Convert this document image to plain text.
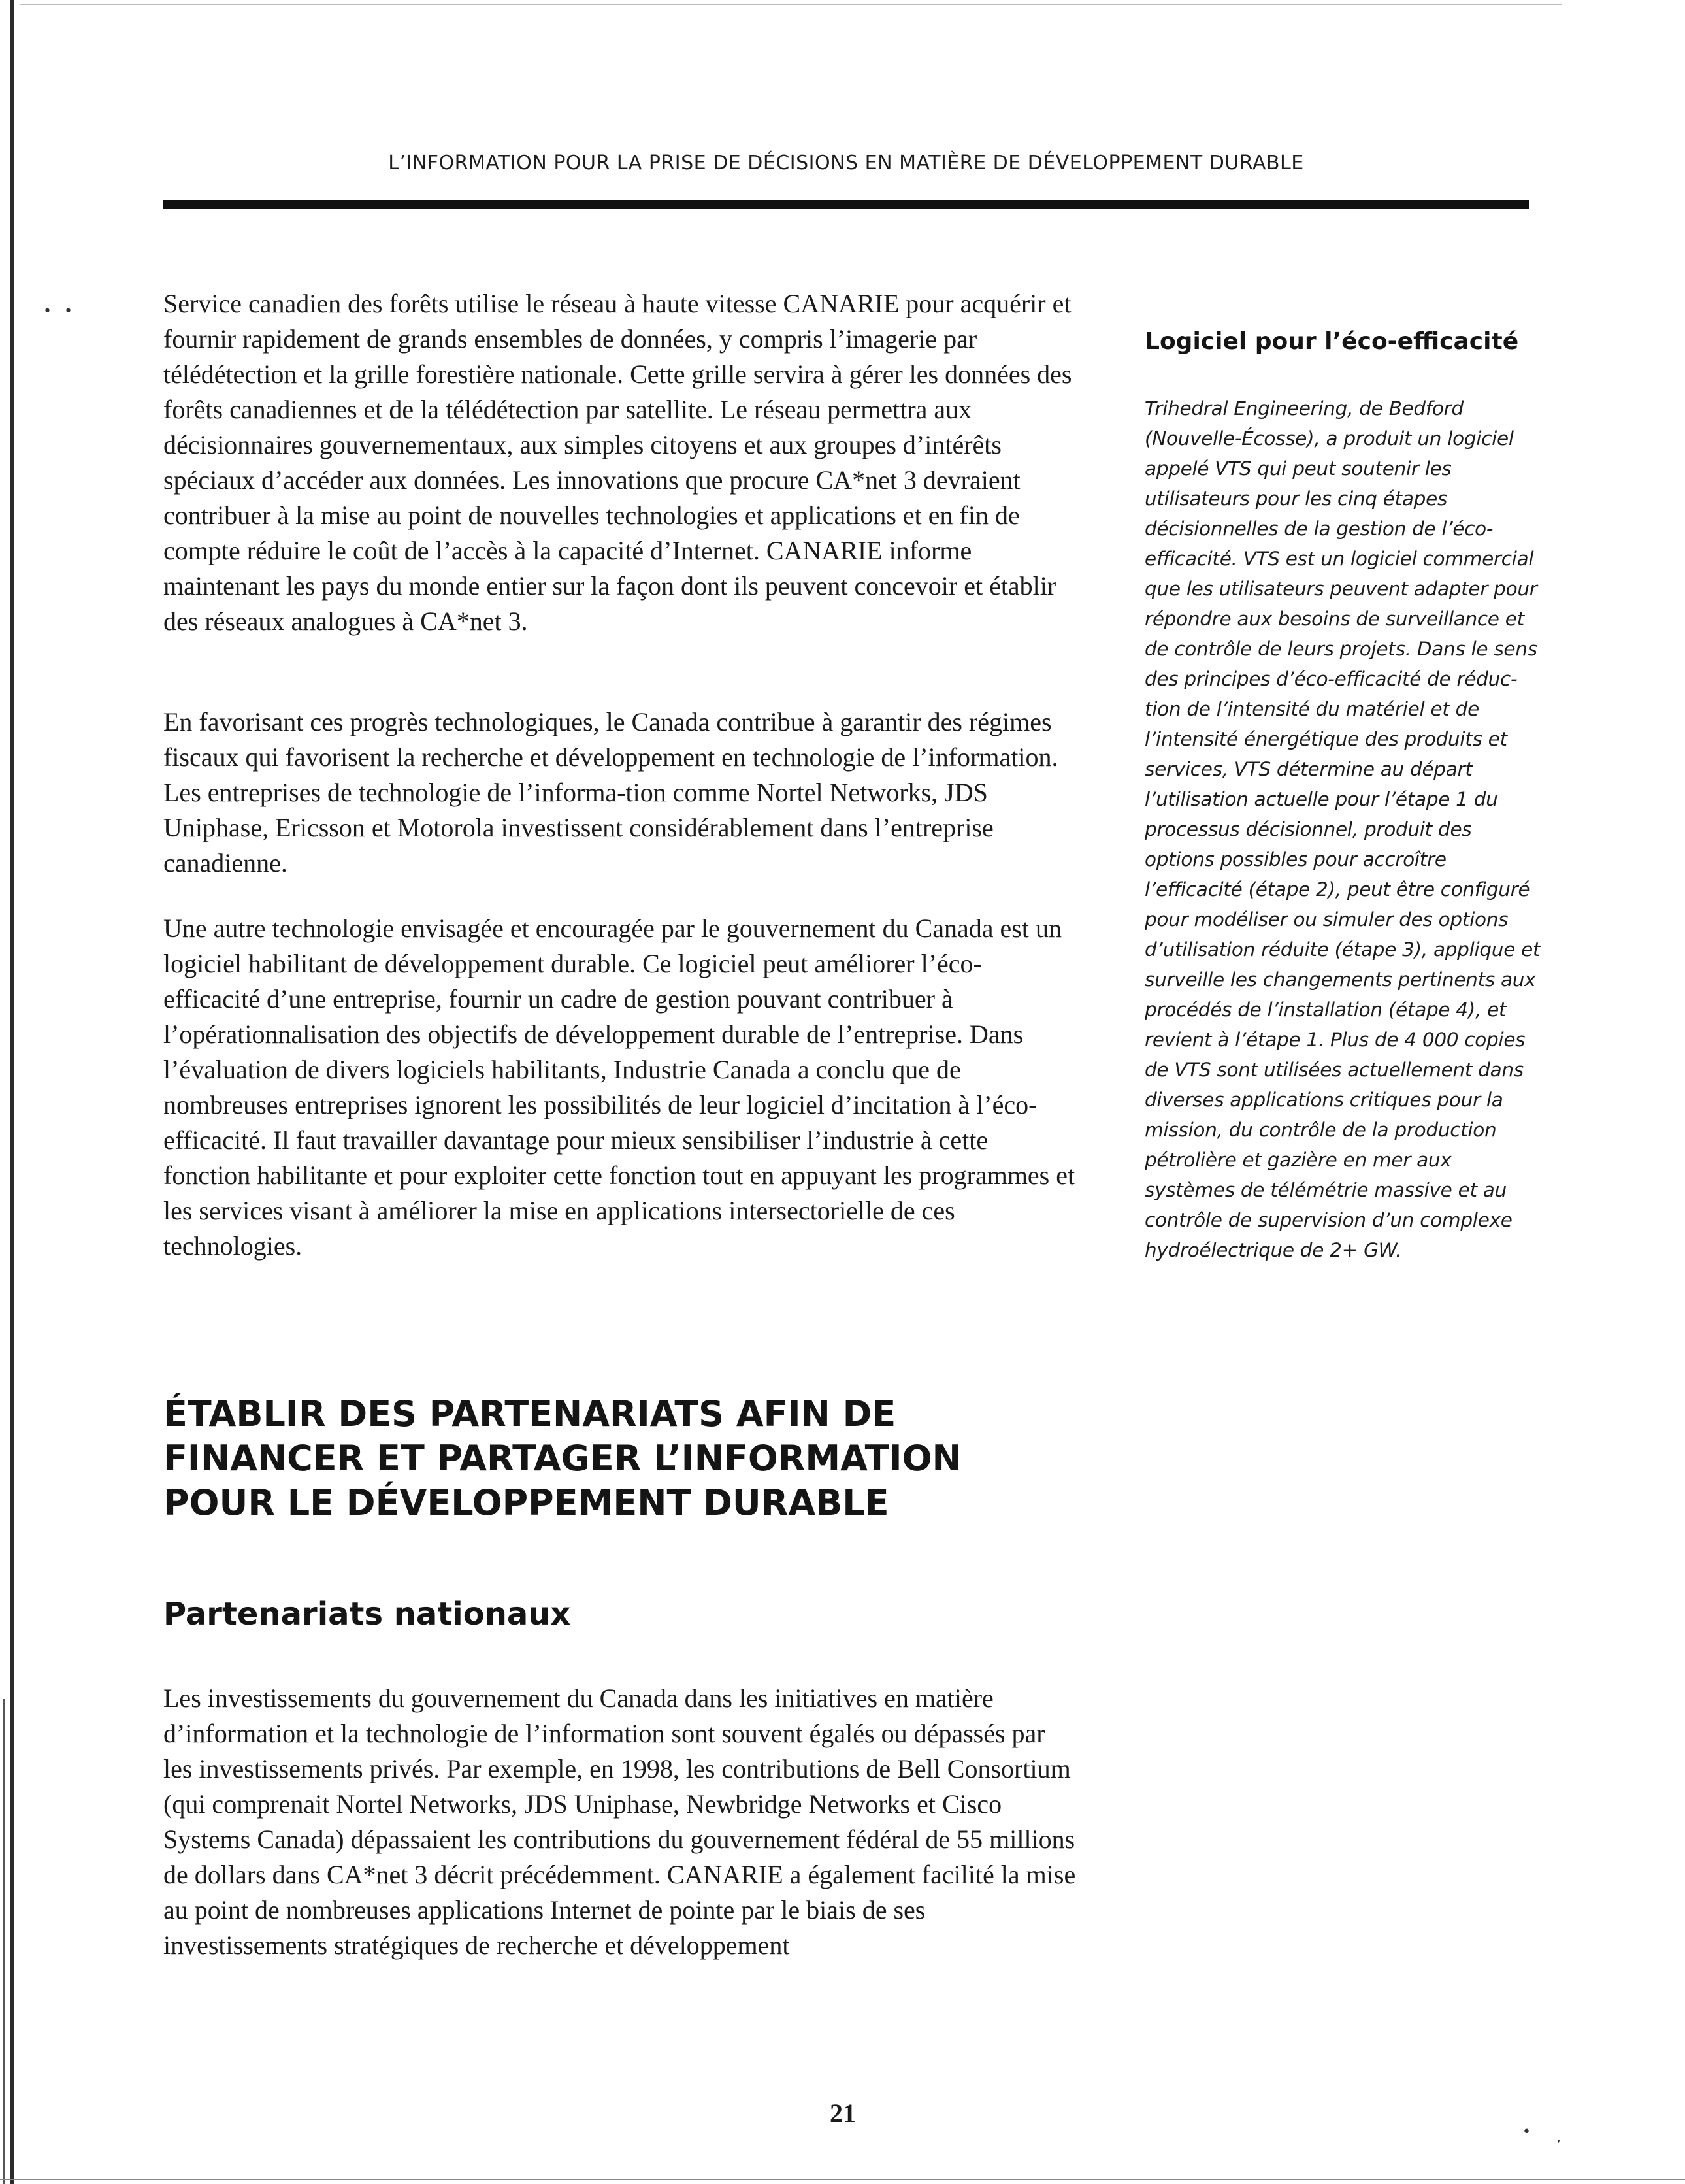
L’INFORMATION POUR LA PRISE DE DÉCISIONS EN MATIÈRE DE DÉVELOPPEMENT DURABLE
• •	Service canadien des forêts utilise le réseau à haute vitesse CANARIE pour acquérir et fournir rapidement de grands ensembles de données, y compris l’imagerie par télédétection et la grille forestière nationale. Cette grille servira à gérer les données des forêts canadiennes et de la télédétection par satellite. Le réseau permettra aux décisionnaires gouvernementaux, aux simples citoyens et aux groupes d’intérêts spéciaux d’accéder aux données. Les innovations que procure CA*net 3 devraient contribuer à la mise au point de nouvelles technologies et applications et en fin de compte réduire le coût de l’accès à la capacité d’Internet. CANARIE informe maintenant les pays du monde entier sur la façon dont ils peuvent concevoir et établir des réseaux analogues à CA*net 3.

En favorisant ces progrès technologiques, le Canada contribue à garantir des régimes fiscaux qui favorisent la recherche et développement en technologie de l’information. Les entreprises de technologie de l’informa-tion comme Nortel Networks, JDS Uniphase, Ericsson et Motorola investissent considérablement dans l’entreprise canadienne.

Une autre technologie envisagée et encouragée par le gouvernement du Canada est un logiciel habilitant de développement durable. Ce logiciel peut améliorer l’éco-efficacité d’une entreprise, fournir un cadre de gestion pouvant contribuer à l’opérationnalisation des objectifs de développement durable de l’entreprise. Dans l’évaluation de divers logiciels habilitants, Industrie Canada a conclu que de nombreuses entreprises ignorent les possibilités de leur logiciel d’incitation à l’éco-efficacité. Il faut travailler davantage pour mieux sensibiliser l’industrie à cette fonction habilitante et pour exploiter cette fonction tout en appuyant les programmes et les services visant à améliorer la mise en applications intersectorielle de ces technologies.

ÉTABLIR DES PARTENARIATS AFIN DE FINANCER ET PARTAGER L’INFORMATION POUR LE DÉVELOPPEMENT DURABLE
Partenariats nationaux

Les investissements du gouvernement du Canada dans les initiatives en matière d’information et la technologie de l’information sont souvent égalés ou dépassés par les investissements privés. Par exemple, en 1998, les contributions de Bell Consortium (qui comprenait Nortel Networks, JDS Uniphase, Newbridge Networks et Cisco Systems Canada) dépassaient les contributions du gouvernement fédéral de 55 millions de dollars dans CA*net 3 décrit précédemment. CANARIE a également facilité la mise au point de nombreuses applications Internet de pointe par le biais de ses investissements stratégiques de recherche et développement

Logiciel pour l’éco-efficacité
Trihedral Engineering, de Bedford (Nouvelle-Écosse), a produit un logiciel appelé VTS qui peut soutenir les utilisateurs pour les cinq étapes décisionnelles de la gestion de l’éco-efficacité. VTS est un logiciel commercial que les utilisateurs peuvent adapter pour répondre aux besoins de surveillance et de contrôle de leurs projets. Dans le sens des principes d’éco-efficacité de réduc-tion de l’intensité du matériel et de l’intensité énergétique des produits et services, VTS détermine au départ l’utilisation actuelle pour l’étape 1 du processus décisionnel, produit des options possibles pour accroître l’efficacité (étape 2), peut être configuré pour modéliser ou simuler des options d’utilisation réduite (étape 3), applique et surveille les changements pertinents aux procédés de l’installation (étape 4), et revient à l’étape 1. Plus de 4 000 copies de VTS sont utilisées actuellement dans diverses applications critiques pour la mission, du contrôle de la production pétrolière et gazière en mer aux systèmes de télémétrie massive et au contrôle de supervision d’un complexe hydroélectrique de 2+ GW.
21
• ,
